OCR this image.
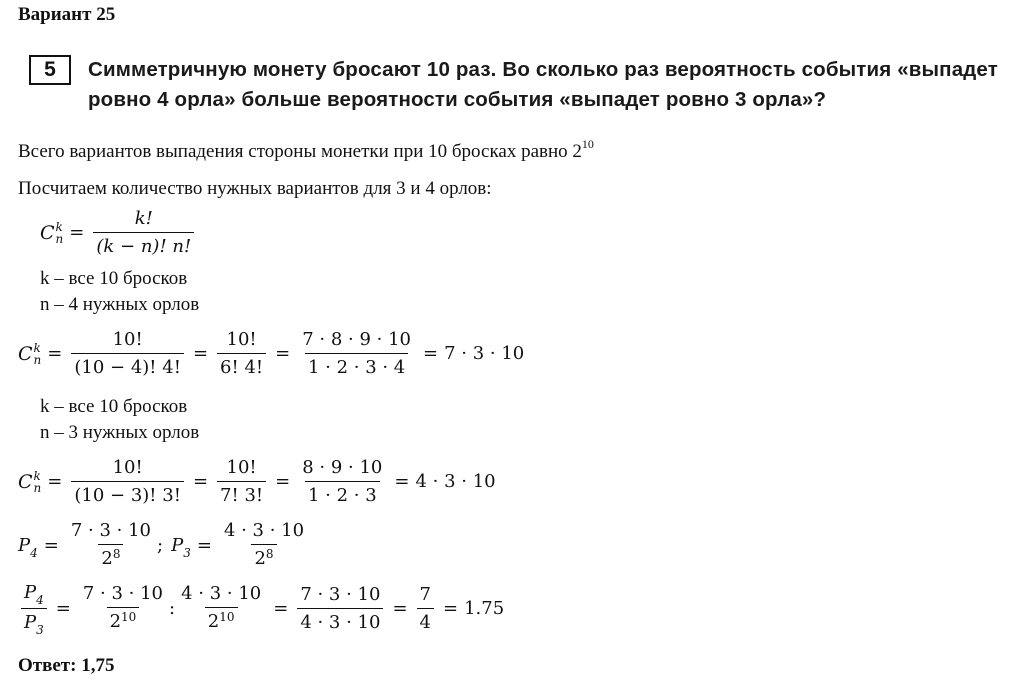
Вариант 25
5 Симметричную монету бросают 10 раз. Во сколько раз вероятность события «выпадет
ровно 4 орла» больше вероятности события «выпадет ровно 3 орла»?
Всего вариантов выпадения стороны монетки при 10 бросках равно $2^{10}$
Посчитаем количество нужных вариантов для 3 и 4 орлов:
C k
$n = \frac{k!}{(k - n)! n!}$
k – все 10 бросков
n – 4 нужных орлов
C k
$n = \frac{10!}{(10 - 4)! 4!} = \frac{10!}{6! 4!} = \frac{7 \cdot 8 \cdot 9 \cdot 10}{1 \cdot 2 \cdot 3 \cdot 4} = 7 \cdot 3 \cdot 10$
k – все 10 бросков
n – 3 нужных орлов
C k
$n = \frac{10!}{(10 - 3)! 3!} = \frac{10!}{7! 3!} = \frac{8 \cdot 9 \cdot 10}{1 \cdot 2 \cdot 3} = 4 \cdot 3 \cdot 10$
$P_4 = \frac{7 \cdot 3 \cdot 10}{2^8}$ ; $P_3 = \frac{4 \cdot 3 \cdot 10}{2^8}$
$\frac{P_4}{P_3} = \frac{7 \cdot 3 \cdot 10}{2^{10}}$ : $\frac{4 \cdot 3 \cdot 10}{2^{10}} = \frac{7 \cdot 3 \cdot 10}{4 \cdot 3 \cdot 10} = \frac{7}{4} = 1.75$
Ответ: 1,75
